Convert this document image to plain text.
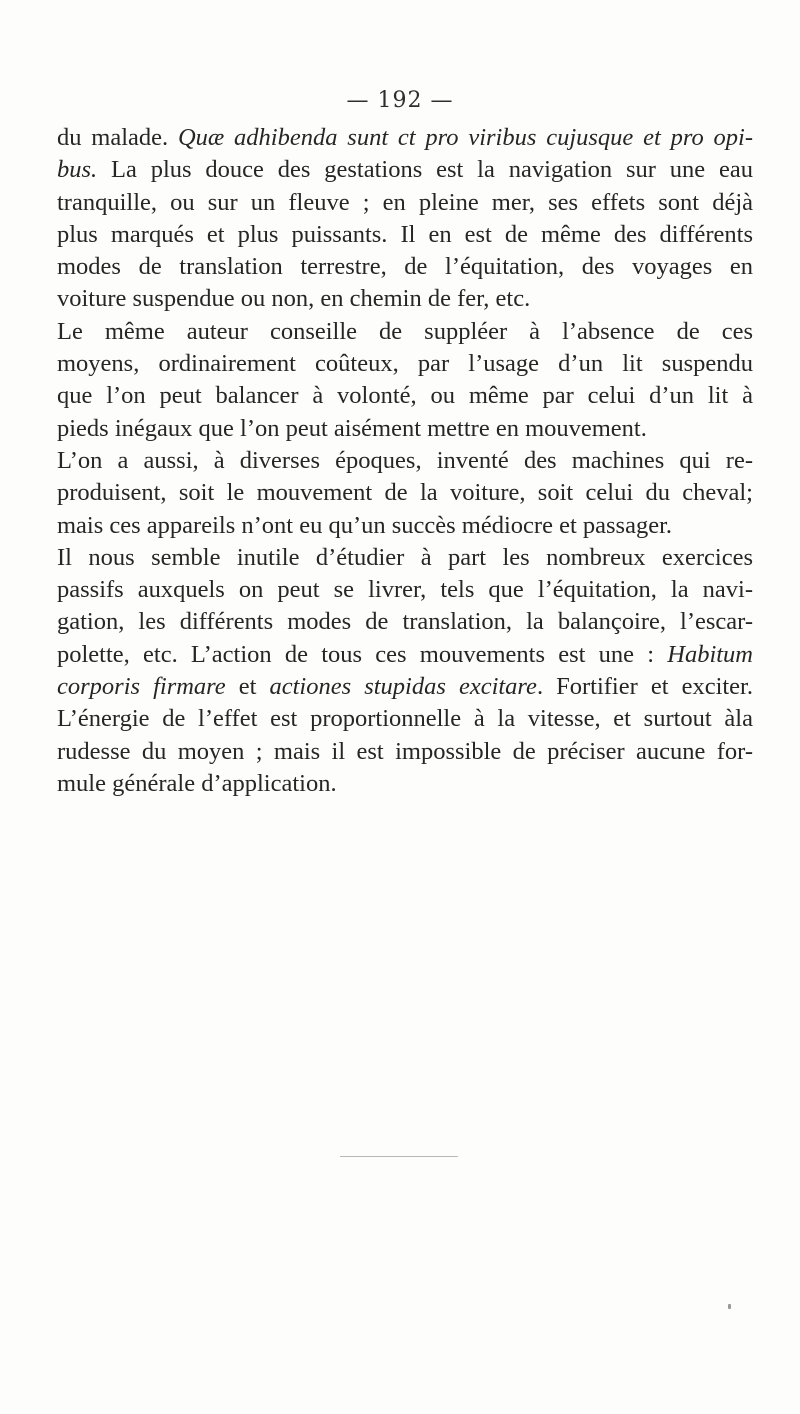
— 192 —
du malade. Quæ adhibenda sunt ct pro viribus cujusque et pro opi-
bus. La plus douce des gestations est la navigation sur une eau
tranquille, ou sur un fleuve ; en pleine mer, ses effets sont déjà
plus marqués et plus puissants. Il en est de même des différents
modes de translation terrestre, de l’équitation, des voyages en
voiture suspendue ou non, en chemin de fer, etc.
Le même auteur conseille de suppléer à l’absence de ces
moyens, ordinairement coûteux, par l’usage d’un lit suspendu
que l’on peut balancer à volonté, ou même par celui d’un lit à
pieds inégaux que l’on peut aisément mettre en mouvement.
L’on a aussi, à diverses époques, inventé des machines qui re-
produisent, soit le mouvement de la voiture, soit celui du cheval;
mais ces appareils n’ont eu qu’un succès médiocre et passager.
Il nous semble inutile d’étudier à part les nombreux exercices
passifs auxquels on peut se livrer, tels que l’équitation, la navi-
gation, les différents modes de translation, la balançoire, l’escar-
polette, etc. L’action de tous ces mouvements est une : Habitum
corporis firmare et actiones stupidas excitare. Fortifier et exciter.
L’énergie de l’effet est proportionnelle à la vitesse, et surtout àla
rudesse du moyen ; mais il est impossible de préciser aucune for-
mule générale d’application.
